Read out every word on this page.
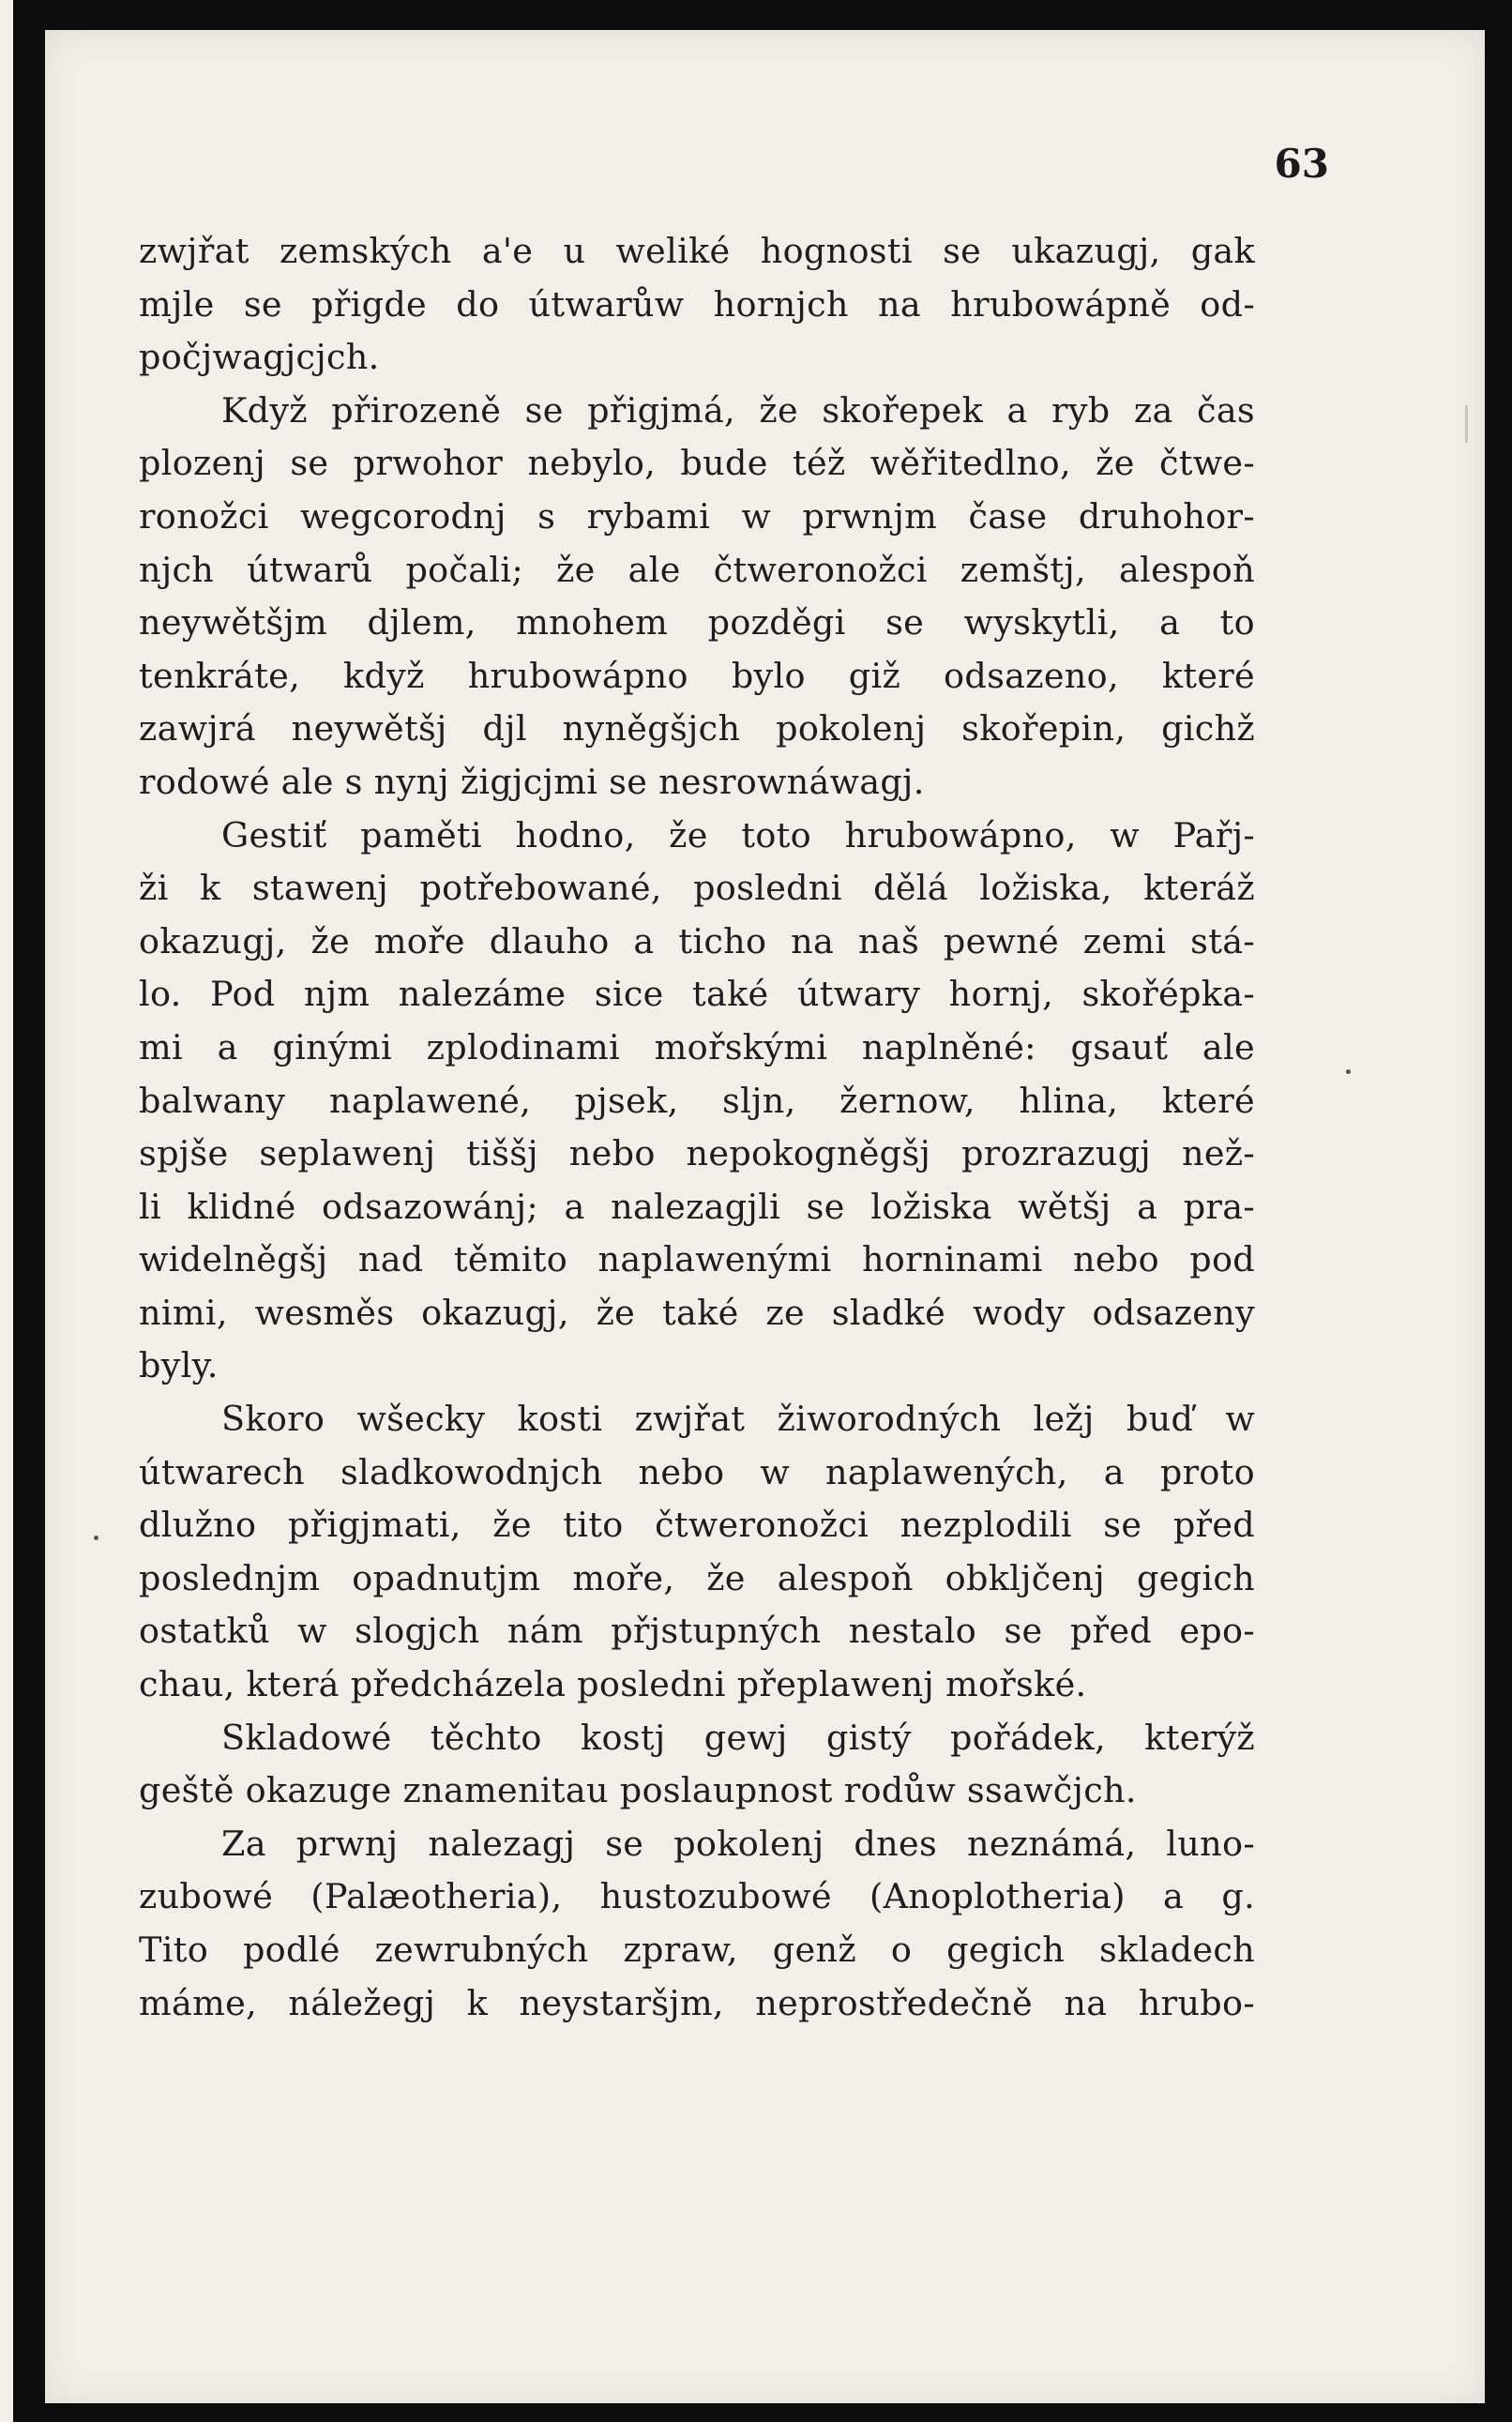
63
zwjřat zemských a'e u weliké hognosti se ukazugj, gak
mjle se přigde do útwarůw hornjch na hrubowápně od-
počjwagjcjch.
Když přirozeně se přigjmá, že skořepek a ryb za čas
plozenj se prwohor nebylo, bude též wěřitedlno, že čtwe-
ronožci wegcorodnj s rybami w prwnjm čase druhohor-
njch útwarů počali; že ale čtweronožci zemštj, alespoň
neywětšjm djlem, mnohem pozděgi se wyskytli, a to
tenkráte, když hrubowápno bylo giž odsazeno, které
zawjrá neywětšj djl nyněgšjch pokolenj skořepin, gichž
rodowé ale s nynj žigjcjmi se nesrownáwagj.
Gestiť paměti hodno, že toto hrubowápno, w Pařj-
ži k stawenj potřebowané, posledni dělá ložiska, kteráž
okazugj, že moře dlauho a ticho na naš pewné zemi stá-
lo. Pod njm nalezáme sice také útwary hornj, skořépka-
mi a ginými zplodinami mořskými naplněné: gsauť ale
balwany naplawené, pjsek, sljn, žernow, hlina, které
spjše seplawenj tiššj nebo nepokogněgšj prozrazugj než-
li klidné odsazowánj; a nalezagjli se ložiska wětšj a pra-
widelněgšj nad těmito naplawenými horninami nebo pod
nimi, wesměs okazugj, že také ze sladké wody odsazeny
byly.
Skoro wšecky kosti zwjřat žiworodných ležj buď w
útwarech sladkowodnjch nebo w naplawených, a proto
dlužno přigjmati, že tito čtweronožci nezplodili se před
poslednjm opadnutjm moře, že alespoň obkljčenj gegich
ostatků w slogjch nám přjstupných nestalo se před epo-
chau, která předcházela posledni přeplawenj mořské.
Skladowé těchto kostj gewj gistý pořádek, kterýž
geště okazuge znamenitau poslaupnost rodůw ssawčjch.
Za prwnj nalezagj se pokolenj dnes neznámá, luno-
zubowé (Palæotheria), hustozubowé (Anoplotheria) a g.
Tito podlé zewrubných zpraw, genž o gegich skladech
máme, náležegj k neystaršjm, neprostředečně na hrubo-
